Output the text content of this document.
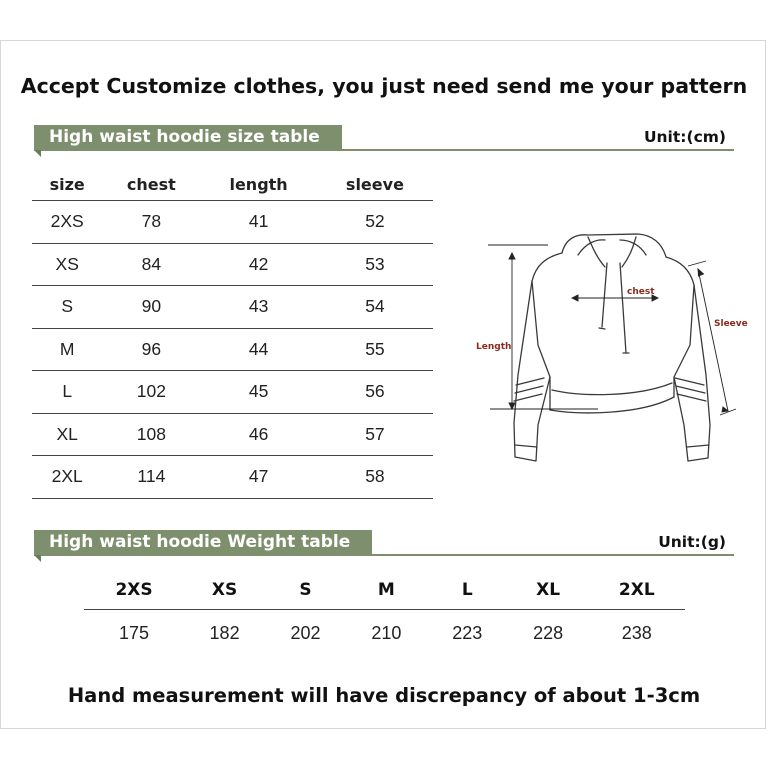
Accept Customize clothes, you just need send me your pattern
High waist hoodie size table	Unit:(cm)
size	chest	length	sleeve
2XS	78	41	52
XS	84	42	53
S	90	43	54
M	96	44	55
L	102	45	56
XL	108	46	57
2XL	114	47	58
chest
Length
Sleeve
High waist hoodie Weight table	Unit:(g)
2XS	XS	S	M	L	XL	2XL
175	182	202	210	223	228	238
Hand measurement will have discrepancy of about 1-3cm
